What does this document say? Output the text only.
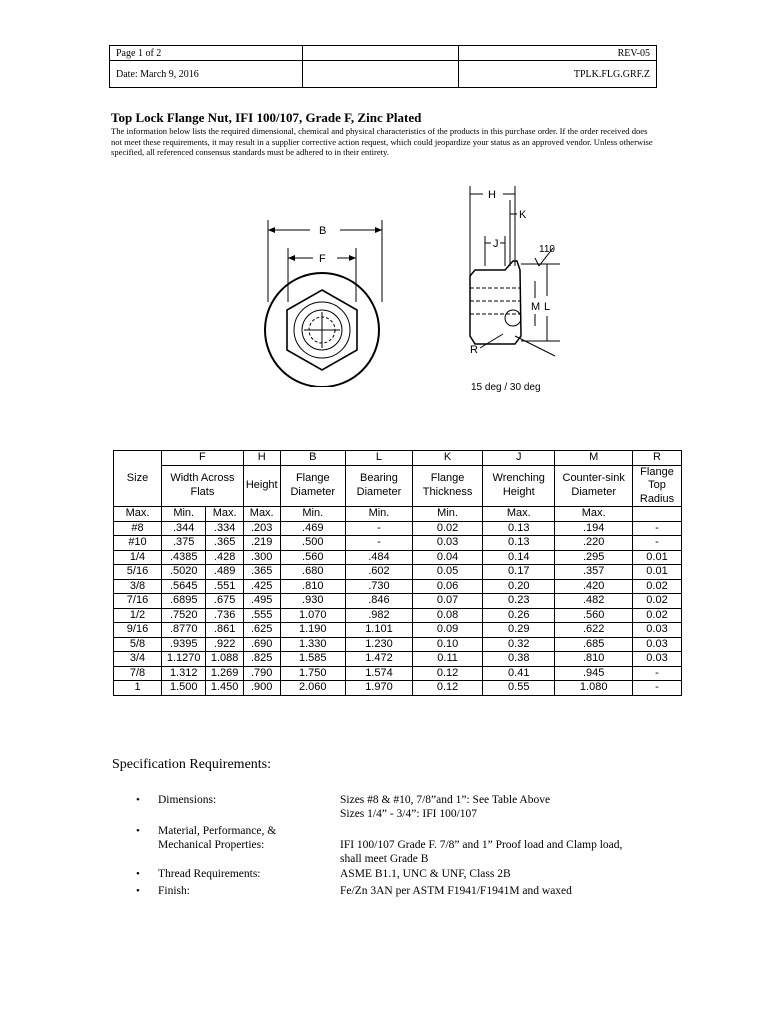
Page 1 of 2		REV-05
Date: March 9, 2016		TPLK.FLG.GRF.Z
Top Lock Flange Nut, IFI 100/107, Grade F, Zinc Plated

The information below lists the required dimensional, chemical and physical characteristics of the products in this purchase order. If the order received does not meet these requirements, it may result in a supplier corrective action request, which could jeopardize your status as an approved vendor. Unless otherwise specified, all referenced consensus standards must be adhered to in their entirety.

B
F
H
K
J	110
M L
R
15 deg / 30 deg
Size	F		H	B	L	K	J	M	R
	Width Across Flats		Height	Flange Diameter	Bearing Diameter	Flange Thickness	Wrenching Height	Counter-sink Diameter	Flange Top Radius
Max.	Min.	Max.	Max.	Min.	Min.	Min.	Max.	Max.	
#8	.344	.334	.203	.469	-	0.02	0.13	.194	-
#10	.375	.365	.219	.500	-	0.03	0.13	.220	-
1/4	.4385	.428	.300	.560	.484	0.04	0.14	.295	0.01
5/16	.5020	.489	.365	.680	.602	0.05	0.17	.357	0.01
3/8	.5645	.551	.425	.810	.730	0.06	0.20	.420	0.02
7/16	.6895	.675	.495	.930	.846	0.07	0.23	.482	0.02
1/2	.7520	.736	.555	1.070	.982	0.08	0.26	.560	0.02
9/16	.8770	.861	.625	1.190	1.101	0.09	0.29	.622	0.03
5/8	.9395	.922	.690	1.330	1.230	0.10	0.32	.685	0.03
3/4	1.1270	1.088	.825	1.585	1.472	0.11	0.38	.810	0.03
7/8	1.312	1.269	.790	1.750	1.574	0.12	0.41	.945	-
1	1.500	1.450	.900	2.060	1.970	0.12	0.55	1.080	-
Specification Requirements:
• Dimensions:	Sizes #8 & #10, 7/8”and 1”: See Table Above
Sizes 1/4” - 3/4”: IFI 100/107
• Material, Performance, &
Mechanical Properties:	IFI 100/107 Grade F. 7/8” and 1” Proof load and Clamp load,
shall meet Grade B
• Thread Requirements:	ASME B1.1, UNC & UNF, Class 2B
• Finish:	Fe/Zn 3AN per ASTM F1941/F1941M and waxed
